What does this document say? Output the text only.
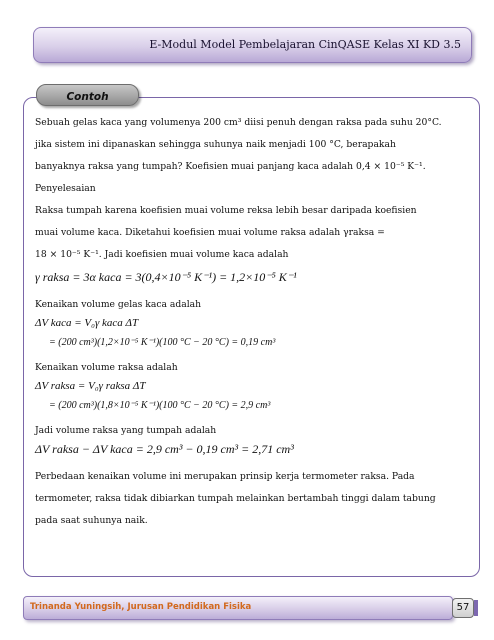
E-Modul Model Pembelajaran CinQASE Kelas XI KD 3.5
Contoh

Sebuah gelas kaca yang volumenya 200 cm³ diisi penuh dengan raksa pada suhu 20°C.

jika sistem ini dipanaskan sehingga suhunya naik menjadi 100 °C, berapakah

banyaknya raksa yang tumpah? Koefisien muai panjang kaca adalah 0,4 × 10⁻⁵ K⁻¹.

Penyelesaian

Raksa tumpah karena koefisien muai volume reksa lebih besar daripada koefisien

muai volume kaca. Diketahui koefisien muai volume raksa adalah γraksa =

18 × 10⁻⁵ K⁻¹. Jadi koefisien muai volume kaca adalah

γ raksa = 3α kaca = 3(0,4×10⁻⁵ K⁻¹) = 1,2×10⁻⁵ K⁻¹

Kenaikan volume gelas kaca adalah

ΔV kaca = V₀γ kaca ΔT

= (200 cm³)(1,2×10⁻⁵ K⁻¹)(100 °C − 20 °C) = 0,19 cm³

Kenaikan volume raksa adalah

ΔV raksa = V₀γ raksa ΔT

= (200 cm³)(1,8×10⁻⁵ K⁻¹)(100 °C − 20 °C) = 2,9 cm³

Jadi volume raksa yang tumpah adalah

ΔV raksa − ΔV kaca = 2,9 cm³ − 0,19 cm³ = 2,71 cm³

Perbedaan kenaikan volume ini merupakan prinsip kerja termometer raksa. Pada

termometer, raksa tidak dibiarkan tumpah melainkan bertambah tinggi dalam tabung

pada saat suhunya naik.

Trinanda Yuningsih, Jurusan Pendidikan Fisika	57
